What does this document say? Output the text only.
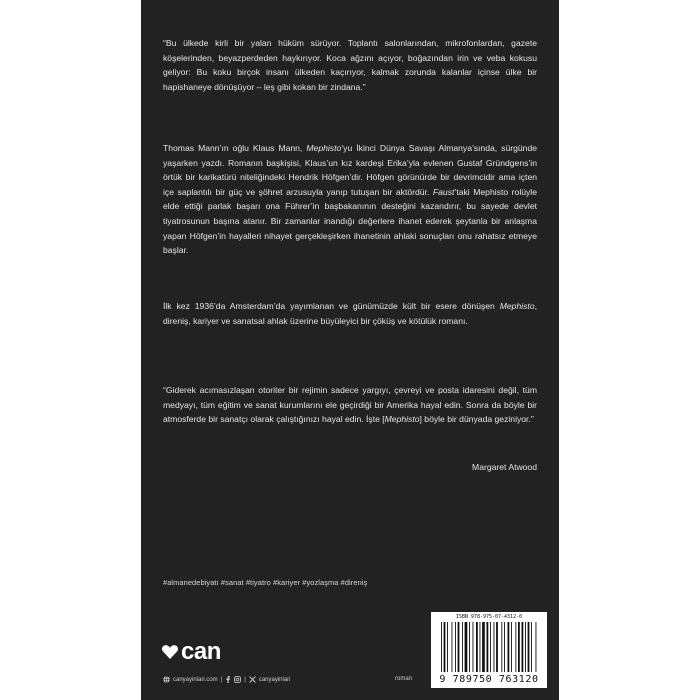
“Bu ülkede kirli bir yalan hüküm sürüyor. Toplantı salonlarından, mikrofonlardan, gazete köşelerinden, beyazperdeden haykırıyor. Koca ağzını açıyor, boğazından irin ve veba kokusu geliyor: Bu koku birçok insanı ülkeden kaçırıyor, kalmak zorunda kalanlar içinse ülke bir hapishaneye dönüşüyor – leş gibi kokan bir zindana.”

Thomas Mann’ın oğlu Klaus Mann, Mephisto’yu İkinci Dünya Savaşı Almanya’sında, sürgünde yaşarken yazdı. Romanın başkişisi, Klaus’un kız kardeşi Erika’yla evlenen Gustaf Gründgens’in örtük bir karikatürü niteliğindeki Hendrik Höfgen’dir. Höfgen görünürde bir devrimcidir ama içten içe saplantılı bir güç ve şöhret arzusuyla yanıp tutuşan bir aktördür. Faust’taki Mephisto rolüyle elde ettiği parlak başarı ona Führer’in başbakanının desteğini kazandırır, bu sayede devlet tiyatrosunun başına atanır. Bir zamanlar inandığı değerlere ihanet ederek şeytanla bir anlaşma yapan Höfgen’in hayalleri nihayet gerçekleşirken ihanetinin ahlaki sonuçları onu rahatsız etmeye başlar.

İlk kez 1936’da Amsterdam’da yayımlanan ve günümüzde kült bir esere dönüşen Mephisto, direniş, kariyer ve sanatsal ahlak üzerine büyüleyici bir çöküş ve kötülük romanı.

“Giderek acımasızlaşan otoriter bir rejimin sadece yargıyı, çevreyi ve posta idaresini değil, tüm medyayı, tüm eğitim ve sanat kurumlarını ele geçirdiği bir Amerika hayal edin. Sonra da böyle bir atmosferde bir sanatçı olarak çalıştığınızı hayal edin. İşte [Mephisto] böyle bir dünyada geziniyor.”

Margaret Atwood
#almanedebiyatı #sanat #tiyatro #kariyer #yozlaşma #direniş
can
canyayinlari.com |	| canyayinlari	roman
ISBN 978-975-07-4312-0
9 789750 763120
